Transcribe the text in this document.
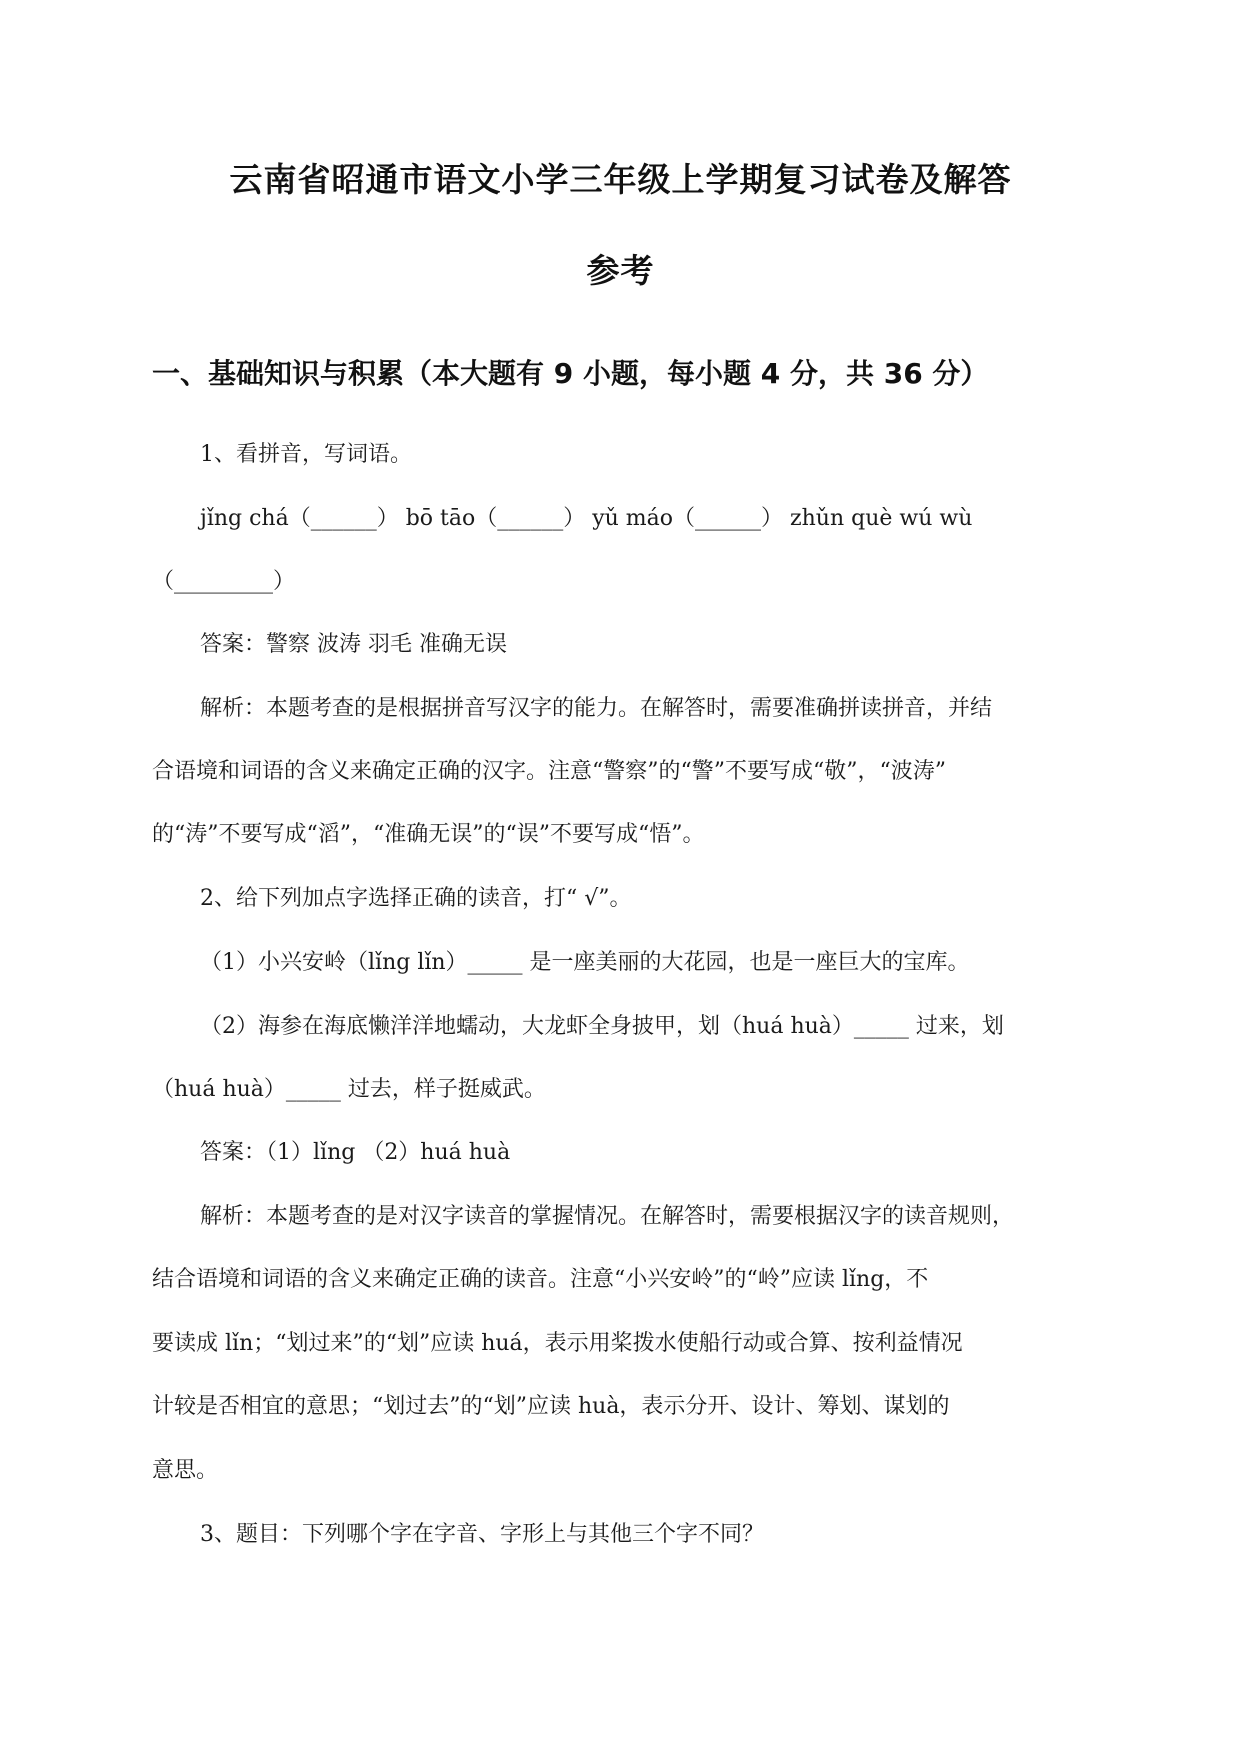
云南省昭通市语文小学三年级上学期复习试卷及解答
参考
一、基础知识与积累（本大题有 9 小题，每小题 4 分，共 36 分）
1、看拼音，写词语。
jǐng chá（______） bō tāo（______） yǔ máo（______） zhǔn què wú wù
（_________）
答案：警察 波涛 羽毛 准确无误
解析：本题考查的是根据拼音写汉字的能力。在解答时，需要准确拼读拼音，并结
合语境和词语的含义来确定正确的汉字。注意“警察”的“警”不要写成“敬”，“波涛”
的“涛”不要写成“滔”，“准确无误”的“误”不要写成“悟”。
2、给下列加点字选择正确的读音，打“ √”。
（1）小兴安岭（lǐng lǐn）_____ 是一座美丽的大花园，也是一座巨大的宝库。
（2）海参在海底懒洋洋地蠕动，大龙虾全身披甲，划（huá huà）_____ 过来，划
（huá huà）_____ 过去，样子挺威武。
答案：（1）lǐng （2）huá huà
解析：本题考查的是对汉字读音的掌握情况。在解答时，需要根据汉字的读音规则，
结合语境和词语的含义来确定正确的读音。注意“小兴安岭”的“岭”应读 lǐng，不
要读成 lǐn；“划过来”的“划”应读 huá，表示用桨拨水使船行动或合算、按利益情况
计较是否相宜的意思；“划过去”的“划”应读 huà，表示分开、设计、筹划、谋划的
意思。
3、题目：下列哪个字在字音、字形上与其他三个字不同？
